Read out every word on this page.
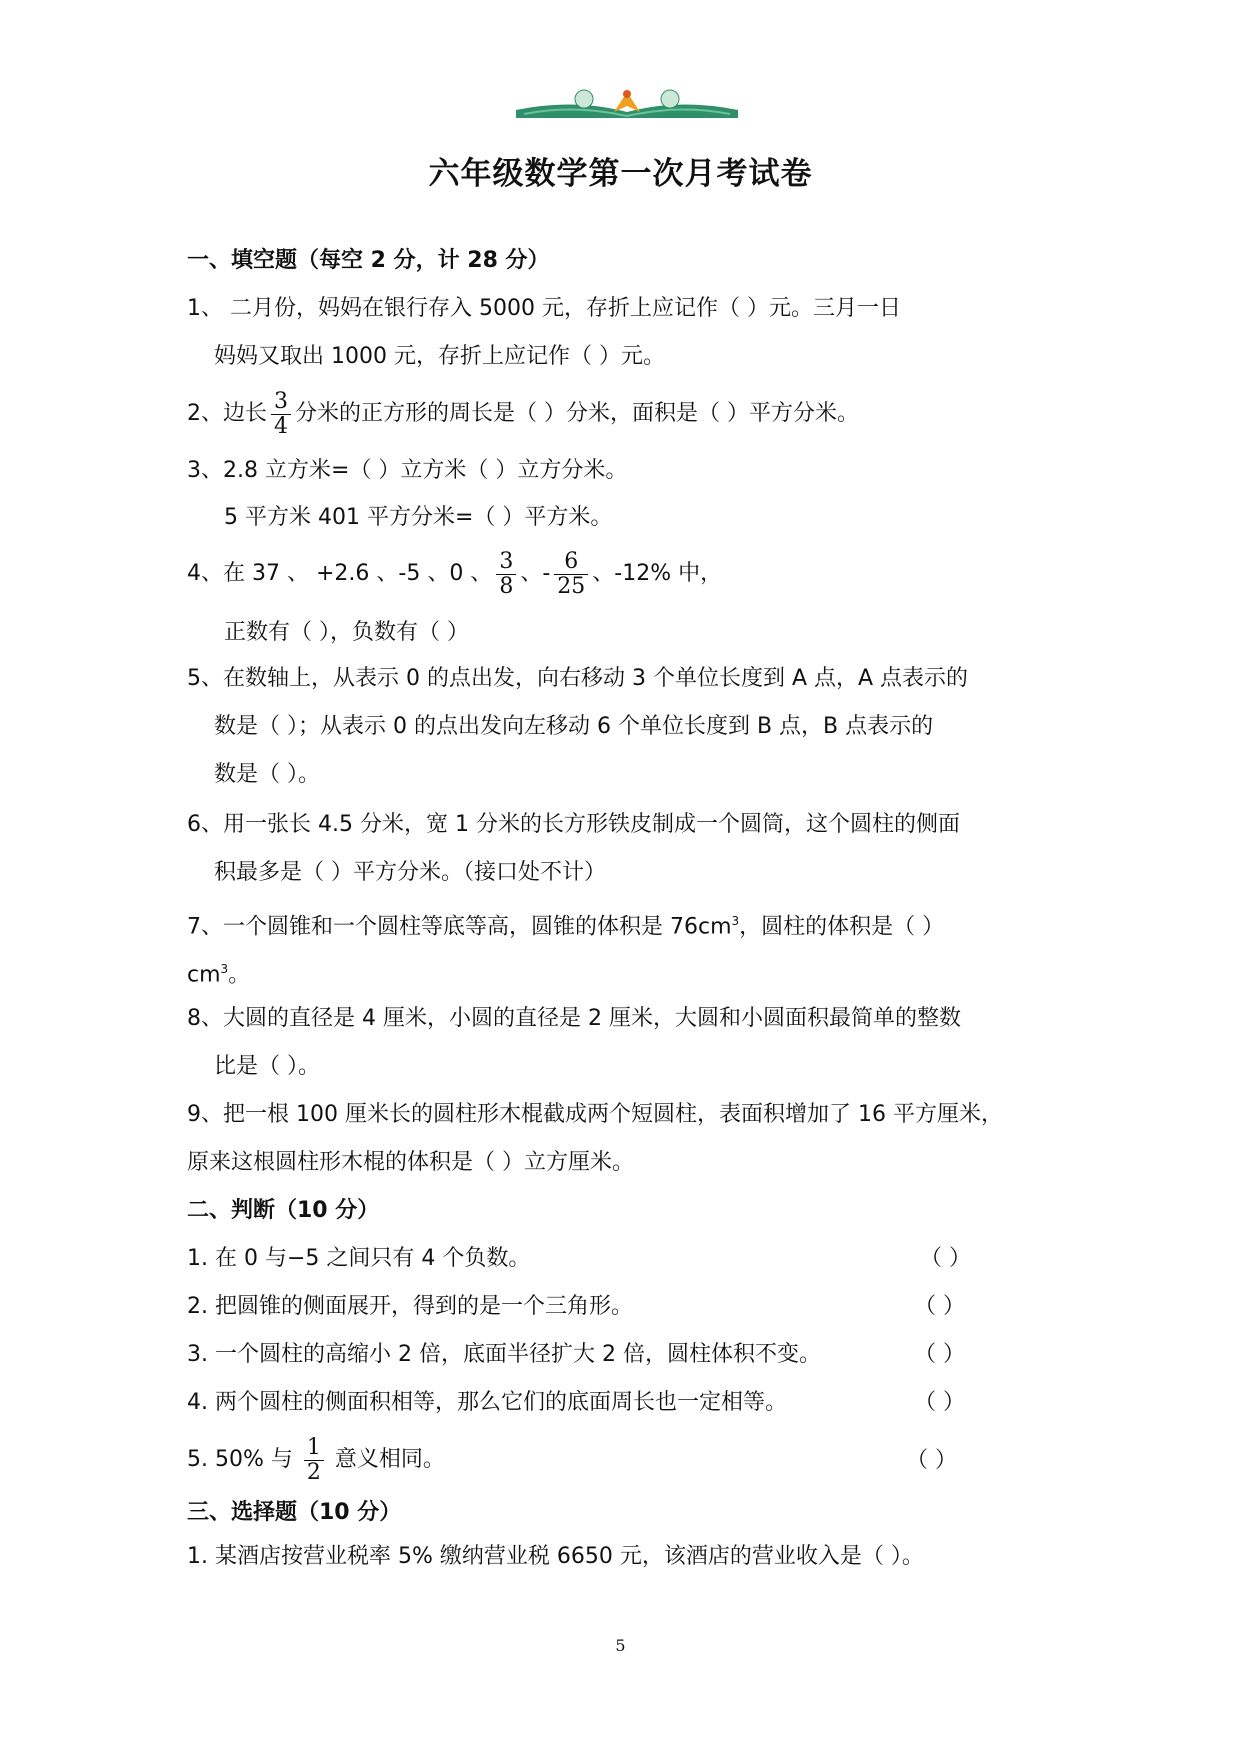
六年级数学第一次月考试卷
一、填空题（每空 2 分，计 28 分）
1、 二月份，妈妈在银行存入 5000 元，存折上应记作（ ）元。三月一日
妈妈又取出 1000 元，存折上应记作（ ）元。
2、边长 $\frac{3}{4}$ 分米的正方形的周长是（ ）分米，面积是（ ）平方分米。
3、2.8 立方米=（ ）立方米（ ）立方分米。
5 平方米 401 平方分米=（ ）平方米。
4、在 37 、 +2.6 、-5 、0 、 $\frac{3}{8}$ 、- $\frac{6}{25}$ 、-12% 中，
正数有（ ），负数有（ ）
5、在数轴上，从表示 0 的点出发，向右移动 3 个单位长度到 A 点，A 点表示的
数是（ ）；从表示 0 的点出发向左移动 6 个单位长度到 B 点，B 点表示的
数是（ ）。
6、用一张长 4.5 分米，宽 1 分米的长方形铁皮制成一个圆筒，这个圆柱的侧面
积最多是（ ）平方分米。（接口处不计）
7、一个圆锥和一个圆柱等底等高，圆锥的体积是 $76cm^3$，圆柱的体积是（ ）
$cm^3$。
8、大圆的直径是 4 厘米，小圆的直径是 2 厘米，大圆和小圆面积最简单的整数
比是（ ）。
9、把一根 100 厘米长的圆柱形木棍截成两个短圆柱，表面积增加了 16 平方厘米，
原来这根圆柱形木棍的体积是（ ）立方厘米。
二、判断（10 分）
1. 在 0 与−5 之间只有 4 个负数。	（ ）
2. 把圆锥的侧面展开，得到的是一个三角形。	（ ）
3. 一个圆柱的高缩小 2 倍，底面半径扩大 2 倍，圆柱体积不变。	（ ）
4. 两个圆柱的侧面积相等，那么它们的底面周长也一定相等。	（ ）
5. 50% 与 $\frac{1}{2}$ 意义相同。	（ ）
三、选择题（10 分）
1. 某酒店按营业税率 5% 缴纳营业税 6650 元，该酒店的营业收入是（ ）。
5
